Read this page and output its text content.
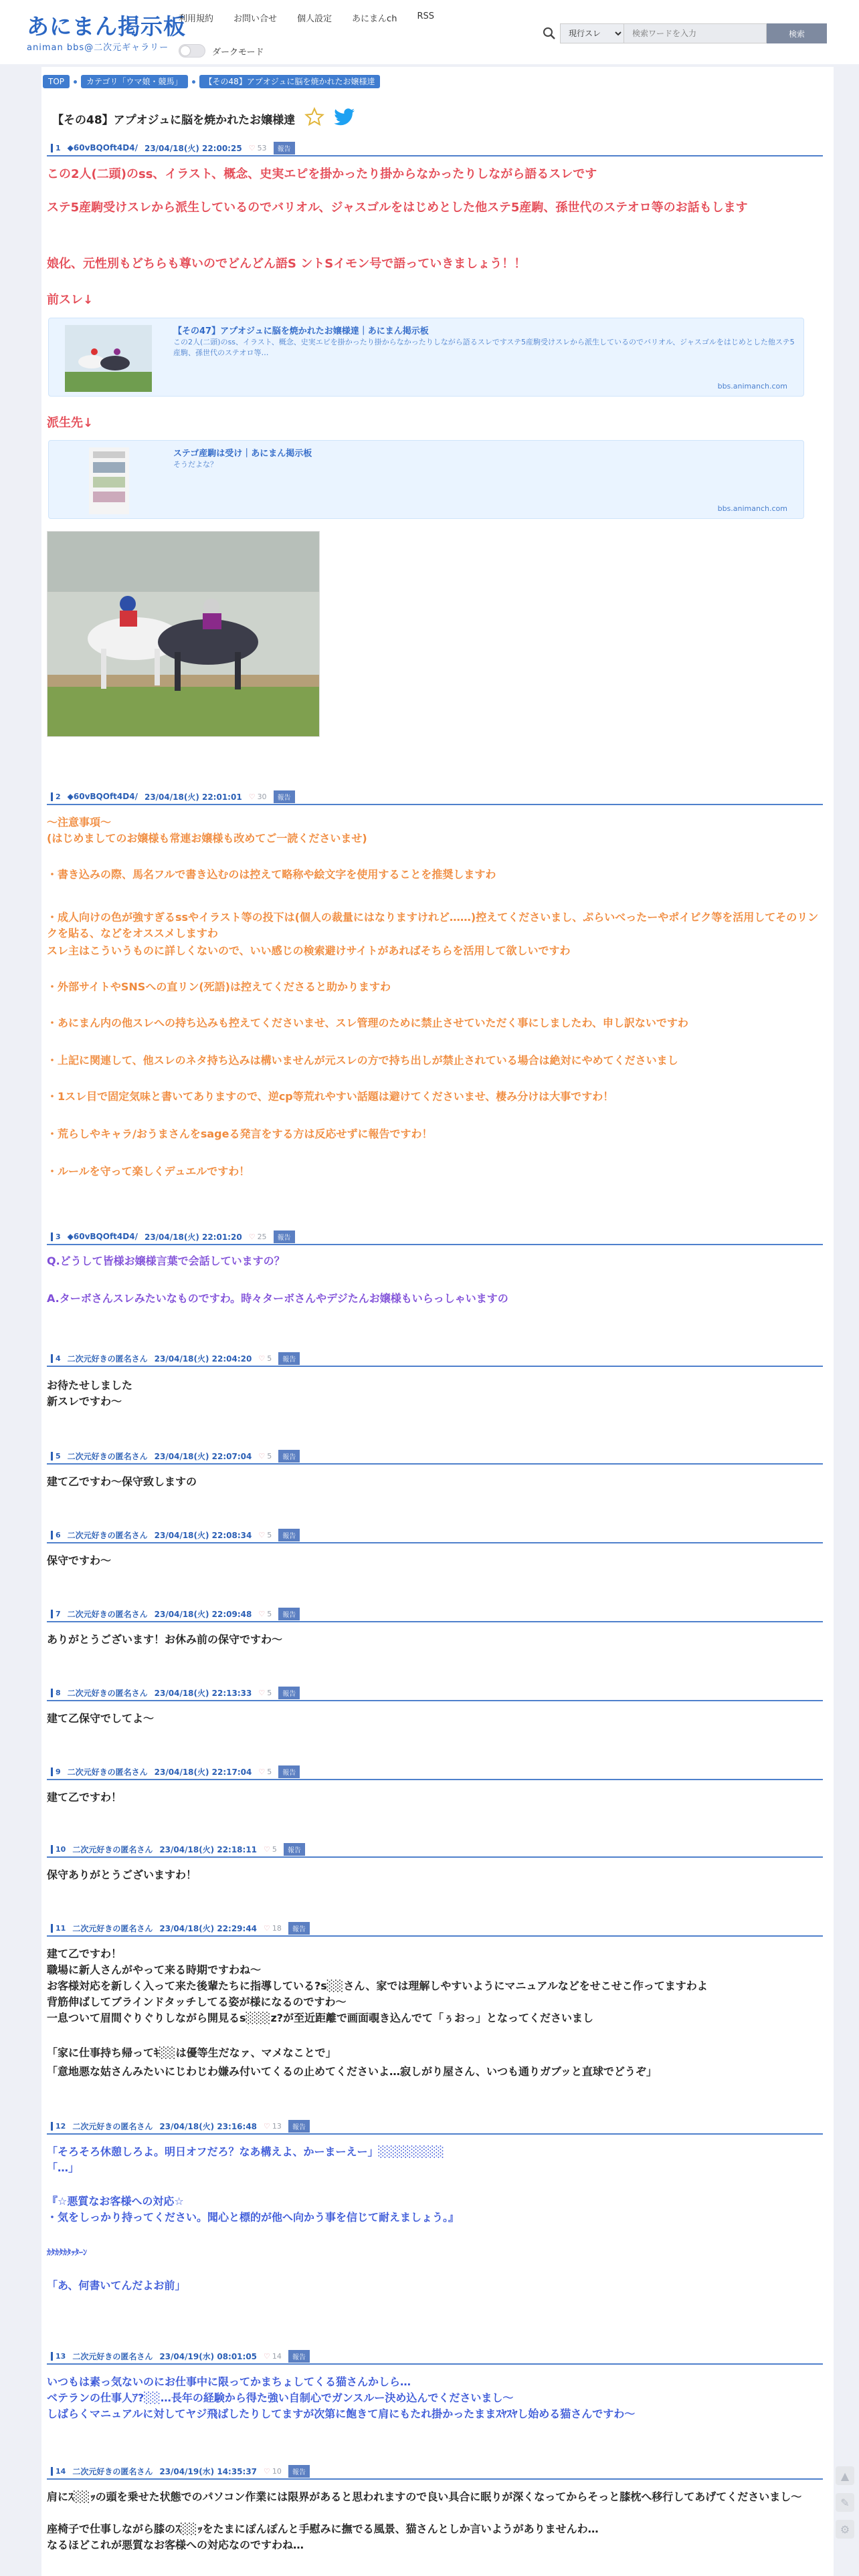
あにまん掲示板
animan bbs@二次元ギャラリー
利用規約 お問い合せ 個人設定 あにまんch RSS
ダークモード
現行スレ
検索ワードを入力
検索
TOP	カテゴリ「ウマ娘・競馬」	【その48】アプオジュに脳を焼かれたお嬢様達
【その48】アプオジュに脳を焼かれたお嬢様達
1 ◆60vBQOft4D4/ 23/04/18(火) 22:00:25 ♡ 53	報告

この2人(二頭)のss、イラスト、概念、史実エピを掛かったり掛からなかったりしながら語るスレです

ステ5産駒受けスレから派生しているのでバリオル、ジャスゴルをはじめとした他ステ5産駒、孫世代のステオロ等のお話もします

娘化、元性別もどちらも尊いのでどんどん語S ントSイモン号で語っていきましょう！！

前スレ↓

【その47】アプオジュに脳を焼かれたお嬢様達｜あにまん掲示板
この2人(二頭)のss、イラスト、概念、史実エピを掛かったり掛からなかったりしながら語るスレですステ5産駒受けスレから派生しているのでバリオル、ジャスゴルをはじめとした他ステ5産駒、孫世代のステオロ等…
bbs.animanch.com

派生先↓

ステゴ産駒は受け｜あにまん掲示板
そうだよな？
bbs.animanch.com
2 ◆60vBQOft4D4/ 23/04/18(火) 22:01:01 ♡ 30	報告

〜注意事項〜

(はじめましてのお嬢様も常連お嬢様も改めてご一読くださいませ)

・書き込みの際、馬名フルで書き込むのは控えて略称や絵文字を使用することを推奨しますわ

・成人向けの色が強すぎるssやイラスト等の投下は(個人の裁量にはなりますけれど……)控えてくださいまし、ぷらいべったーやポイピク等を活用してそのリンクを貼る、などをオススメしますわ

スレ主はこういうものに詳しくないので、いい感じの検索避けサイトがあればそちらを活用して欲しいですわ

・外部サイトやSNSへの直リン(死語)は控えてくださると助かりますわ

・あにまん内の他スレへの持ち込みも控えてくださいませ、スレ管理のために禁止させていただく事にしましたわ、申し訳ないですわ

・上記に関連して、他スレのネタ持ち込みは構いませんが元スレの方で持ち出しが禁止されている場合は絶対にやめてくださいまし

・1スレ目で固定気味と書いてありますので、逆cp等荒れやすい話題は避けてくださいませ、棲み分けは大事ですわ！

・荒らしやキャラ/おうまさんをsageる発言をする方は反応せずに報告ですわ！

・ルールを守って楽しくデュエルですわ！

3 ◆60vBQOft4D4/ 23/04/18(火) 22:01:20 ♡ 25	報告

Q.どうして皆様お嬢様言葉で会話していますの？

A.ターボさんスレみたいなものですわ。時々ターボさんやデジたんお嬢様もいらっしゃいますの

4 二次元好きの匿名さん 23/04/18(火) 22:04:20 ♡ 5	報告

お待たせしました

新スレですわ〜

5 二次元好きの匿名さん 23/04/18(火) 22:07:04 ♡ 5	報告

建て乙ですわ〜保守致しますの

6 二次元好きの匿名さん 23/04/18(火) 22:08:34 ♡ 5	報告

保守ですわ〜

7 二次元好きの匿名さん 23/04/18(火) 22:09:48 ♡ 5	報告

ありがとうございます！お休み前の保守ですわ〜

8 二次元好きの匿名さん 23/04/18(火) 22:13:33 ♡ 5	報告

建て乙保守でしてよ〜

9 二次元好きの匿名さん 23/04/18(火) 22:17:04 ♡ 5	報告

建て乙ですわ！

10 二次元好きの匿名さん 23/04/18(火) 22:18:11 ♡ 5	報告

保守ありがとうございますわ！

11 二次元好きの匿名さん 23/04/18(火) 22:29:44 ♡ 18	報告

建て乙ですわ！

職場に新人さんがやって来る時期ですわね〜

お客様対応を新しく入って来た後輩たちに指導している?s░░さん、家では理解しやすいようにマニュアルなどをせこせこ作ってますわよ

背筋伸ばしてブラインドタッチしてる姿が様になるのですわ〜

一息ついて眉間ぐりぐりしながら開見るs░░░z?が至近距離で画面覗き込んでて「ぅおっ」となってくださいまし

「家に仕事持ち帰ってｷ░░は優等生だなァ、マメなことで」

「意地悪な姑さんみたいにじわじわ嫌み付いてくるの止めてくださいよ…寂しがり屋さん、いつも通りガブッと直球でどうぞ」

12 二次元好きの匿名さん 23/04/18(火) 23:16:48 ♡ 13	報告

「そろそろ休憩しろよ。明日オフだろ？なあ構えよ、かーまーえー」░░░░░░░░

「…」

『☆悪質なお客様への対応☆

・気をしっかり持ってください。聞心と標的が他へ向かう事を信じて耐えましょう。』

ｶﾀｶﾀｶﾀｯﾀｰﾝ

「あ、何書いてんだよお前」

13 二次元好きの匿名さん 23/04/19(水) 08:01:05 ♡ 14	報告

いつもは素っ気ないのにお仕事中に限ってかまちょしてくる猫さんかしら…

ベテランの仕事人ｱ?░░…長年の経験から得た強い自制心でガンスルー決め込んでくださいまし〜

しばらくマニュアルに対してヤジ飛ばしたりしてますが次第に飽きて肩にもたれ掛かったままｽﾔｽﾔし始める猫さんですわ〜

14 二次元好きの匿名さん 23/04/19(水) 14:35:37 ♡ 10	報告

肩にｽ░░ｯの頭を乗せた状態でのパソコン作業には限界があると思われますので良い具合に眠りが深くなってからそっと膝枕へ移行してあげてくださいまし〜

座椅子で仕事しながら膝のｽ░░ｯをたまにぽんぽんと手慰みに撫でる風景、猫さんとしか言いようがありませんわ…

なるほどこれが悪質なお客様への対応なのですわね…

▲
✎
⚙
